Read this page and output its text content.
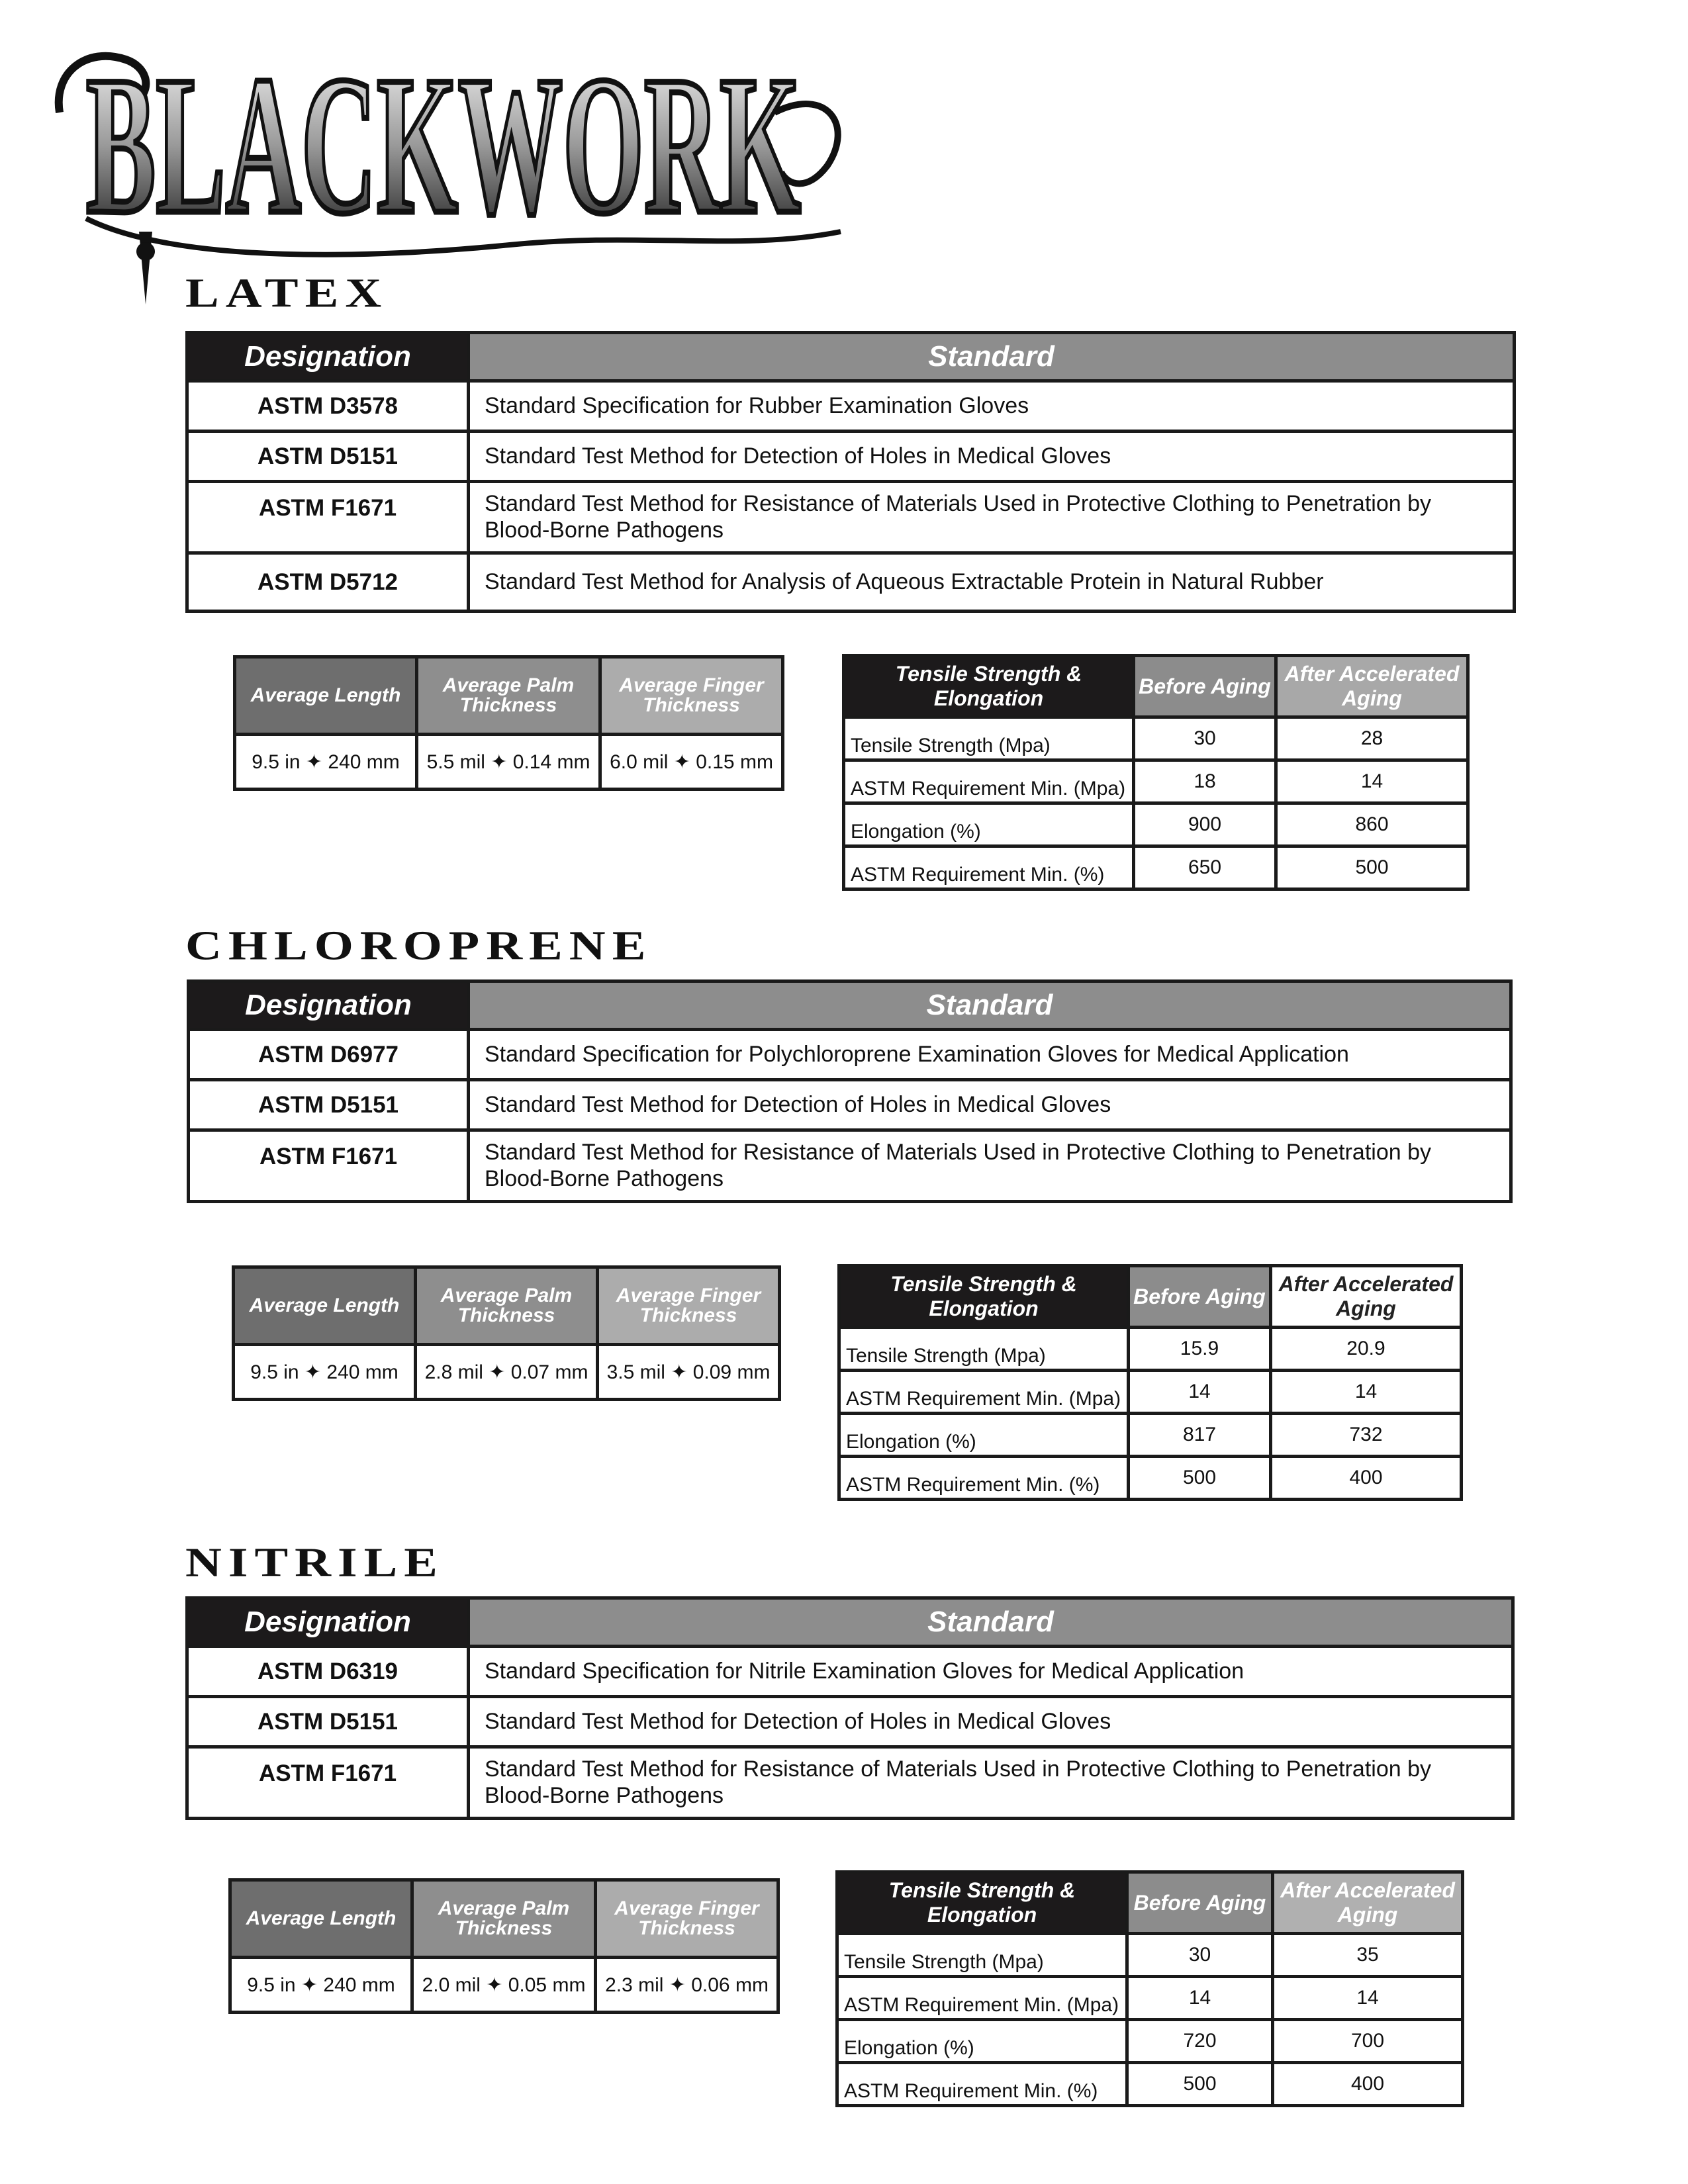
BLACKWORK
LATEX
Designation	Standard
ASTM D3578	Standard Specification for Rubber Examination Gloves
ASTM D5151	Standard Test Method for Detection of Holes in Medical Gloves
ASTM F1671	Standard Test Method for Resistance of Materials Used in Protective Clothing to Penetration by Blood-Borne Pathogens
ASTM D5712	Standard Test Method for Analysis of Aqueous Extractable Protein in Natural Rubber
Average Length	Average Palm Thickness	Average Finger Thickness
9.5 in ✦ 240 mm	5.5 mil ✦ 0.14 mm	6.0 mil ✦ 0.15 mm
Tensile Strength & Elongation	Before Aging	After Accelerated Aging
Tensile Strength (Mpa)	30	28
ASTM Requirement Min. (Mpa)	18	14
Elongation (%)	900	860
ASTM Requirement Min. (%)	650	500
CHLOROPRENE
Designation	Standard
ASTM D6977	Standard Specification for Polychloroprene Examination Gloves for Medical Application
ASTM D5151	Standard Test Method for Detection of Holes in Medical Gloves
ASTM F1671	Standard Test Method for Resistance of Materials Used in Protective Clothing to Penetration by Blood-Borne Pathogens
Average Length	Average Palm Thickness	Average Finger Thickness
9.5 in ✦ 240 mm	2.8 mil ✦ 0.07 mm	3.5 mil ✦ 0.09 mm
Tensile Strength & Elongation	Before Aging	After Accelerated Aging
Tensile Strength (Mpa)	15.9	20.9
ASTM Requirement Min. (Mpa)	14	14
Elongation (%)	817	732
ASTM Requirement Min. (%)	500	400
NITRILE
Designation	Standard
ASTM D6319	Standard Specification for Nitrile Examination Gloves for Medical Application
ASTM D5151	Standard Test Method for Detection of Holes in Medical Gloves
ASTM F1671	Standard Test Method for Resistance of Materials Used in Protective Clothing to Penetration by Blood-Borne Pathogens
Average Length	Average Palm Thickness	Average Finger Thickness
9.5 in ✦ 240 mm	2.0 mil ✦ 0.05 mm	2.3 mil ✦ 0.06 mm
Tensile Strength & Elongation	Before Aging	After Accelerated Aging
Tensile Strength (Mpa)	30	35
ASTM Requirement Min. (Mpa)	14	14
Elongation (%)	720	700
ASTM Requirement Min. (%)	500	400
